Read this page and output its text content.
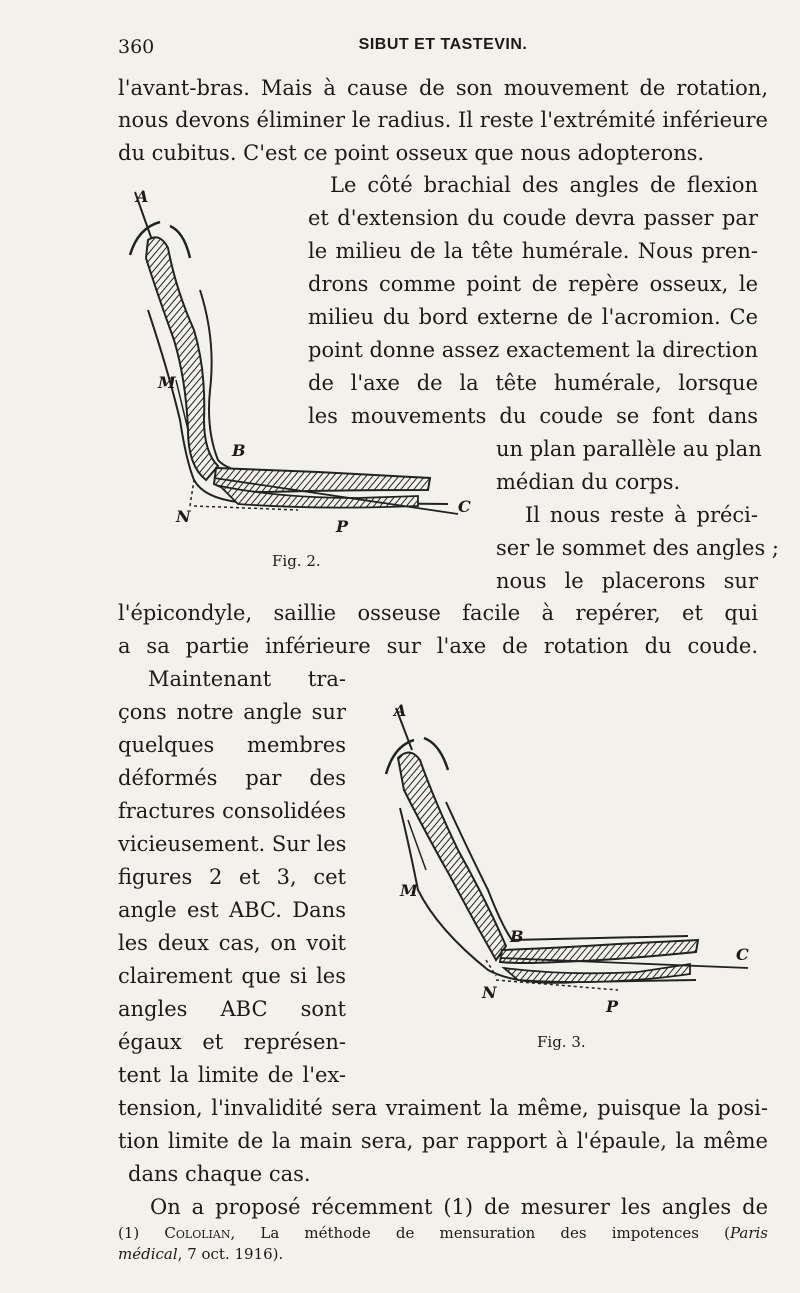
360	SIBUT ET TASTEVIN.
l'avant-bras. Mais à cause de son mouvement de rotation,
nous devons éliminer le radius. Il reste l'extrémité inférieure
du cubitus. C'est ce point osseux que nous adopterons.
Le côté brachial des angles de flexion
et d'extension du coude devra passer par
le milieu de la tête humérale. Nous pren-
drons comme point de repère osseux, le
milieu du bord externe de l'acromion. Ce
point donne assez exactement la direction
de l'axe de la tête humérale, lorsque
les mouvements du coude se font dans
un plan parallèle au plan
médian du corps.
Il nous reste à préci-
ser le sommet des angles ;
nous le placerons sur
l'épicondyle, saillie osseuse facile à repérer, et qui
a sa partie inférieure sur l'axe de rotation du coude.
Maintenant tra-
çons notre angle sur
quelques membres
déformés par des
fractures consolidées
vicieusement. Sur les
figures 2 et 3, cet
angle est ABC. Dans
les deux cas, on voit
clairement que si les
angles ABC sont
égaux et représen-
tent la limite de l'ex-
tension, l'invalidité sera vraiment la même, puisque la posi-
tion limite de la main sera, par rapport à l'épaule, la même
dans chaque cas.
On a proposé récemment (1) de mesurer les angles de
(1) Cololian, La méthode de mensuration des impotences (Paris
médical, 7 oct. 1916).
A
M
B
N
P
C
Fig. 2.
A
M
B
N
P
C
Fig. 3.
